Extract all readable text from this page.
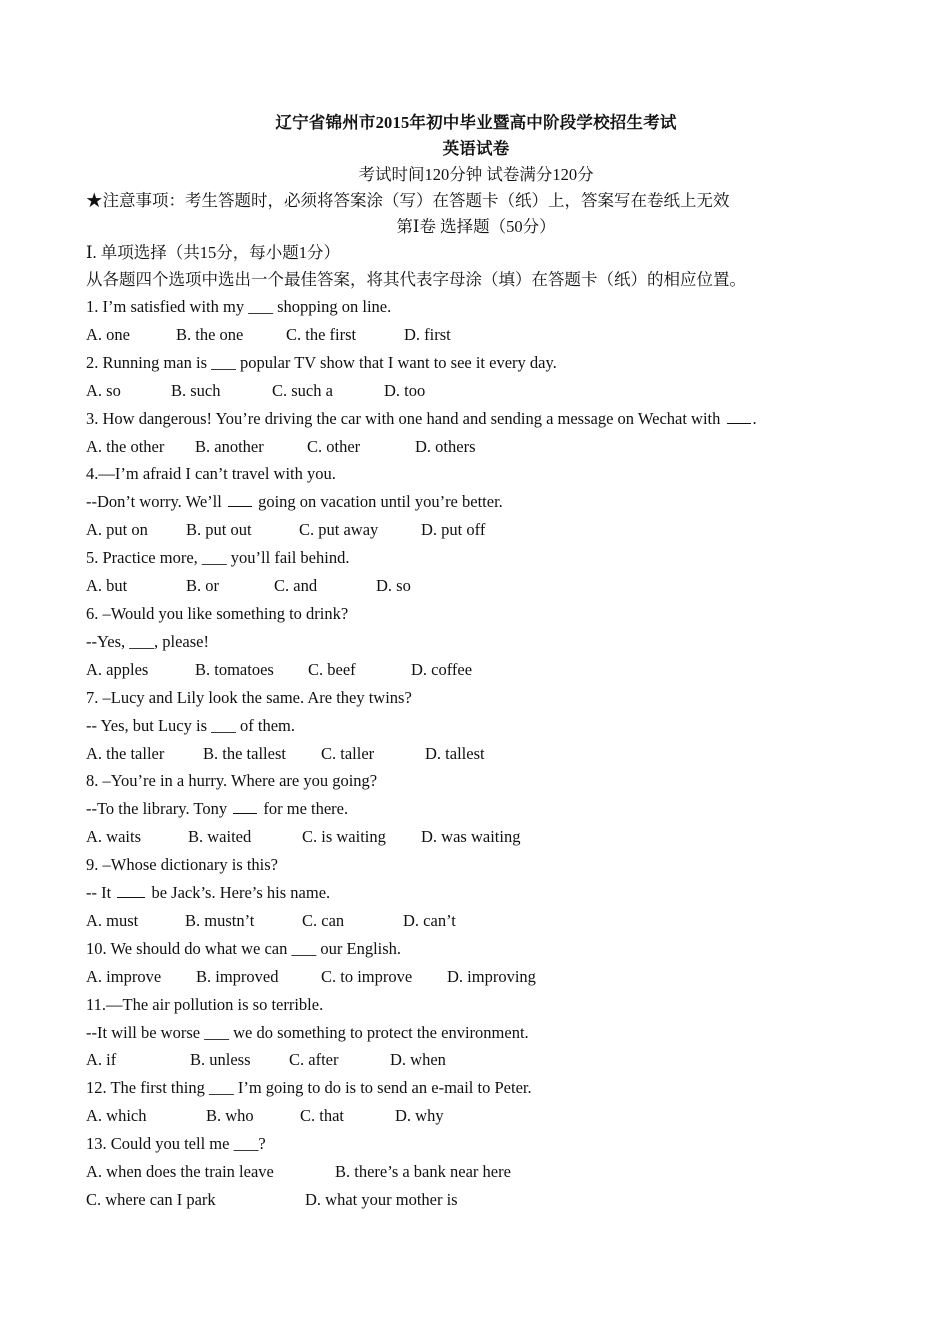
辽宁省锦州市2015年初中毕业暨高中阶段学校招生考试
英语试卷
考试时间120分钟 试卷满分120分
★注意事项：考生答题时，必须将答案涂（写）在答题卡（纸）上，答案写在卷纸上无效
第Ⅰ卷 选择题（50分）
Ⅰ. 单项选择（共15分，每小题1分）
从各题四个选项中选出一个最佳答案，将其代表字母涂（填）在答题卡（纸）的相应位置。
1. I’m satisfied with my ___ shopping on line.
A. one	B. the one	C. the first	D. first
2. Running man is ___ popular TV show that I want to see it every day.
A. so	B. such	C. such a	D. too
3. How dangerous! You’re driving the car with one hand and sending a message on Wechat with .
A. the other	B. another	C. other	D. others
4.—I’m afraid I can’t travel with you.
--Don’t worry. We’ll going on vacation until you’re better.
A. put on	B. put out	C. put away	D. put off
5. Practice more, ___ you’ll fail behind.
A. but	B. or	C. and	D. so
6. –Would you like something to drink?
--Yes, ___, please!
A. apples	B. tomatoes	C. beef	D. coffee
7. –Lucy and Lily look the same. Are they twins?
-- Yes, but Lucy is ___ of them.
A. the taller	B. the tallest	C. taller	D. tallest
8. –You’re in a hurry. Where are you going?
--To the library. Tony for me there.
A. waits	B. waited	C. is waiting	D. was waiting
9. –Whose dictionary is this?
-- It be Jack’s. Here’s his name.
A. must	B. mustn’t	C. can	D. can’t
10. We should do what we can ___ our English.
A. improve	B. improved	C. to improve	D. improving
11.—The air pollution is so terrible.
--It will be worse ___ we do something to protect the environment.
A. if	B. unless	C. after	D. when
12. The first thing ___ I’m going to do is to send an e-mail to Peter.
A. which	B. who	C. that	D. why
13. Could you tell me ___?
A. when does the train leave	B. there’s a bank near here
C. where can I park	D. what your mother is
